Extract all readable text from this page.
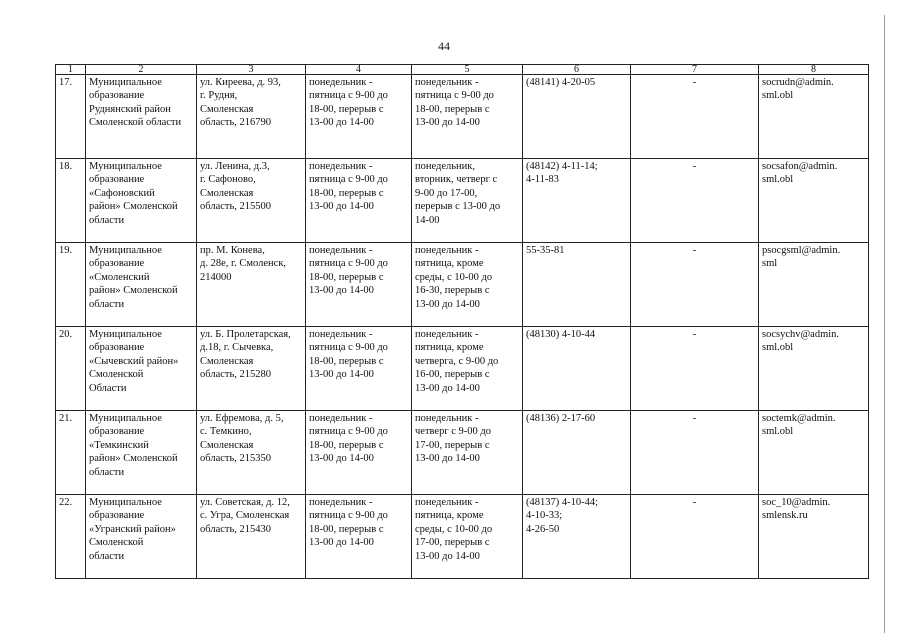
44
1	2	3	4	5	6	7	8

17.	Муниципальное
образование
Руднянский район
Смоленской области	ул. Киреева, д. 93,
г. Рудня,
Смоленская
область, 216790	понедельник -
пятница с 9-00 до
18-00, перерыв с
13-00 до 14-00	понедельник -
пятница с 9-00 до
18-00, перерыв с
13-00 до 14-00	(48141) 4-20-05	-	socrudn@admin.
sml.obl

18.	Муниципальное
образование
«Сафоновский
район» Смоленской
области	ул. Ленина, д.3,
г. Сафоново,
Смоленская
область, 215500	понедельник -
пятница с 9-00 до
18-00, перерыв с
13-00 до 14-00	понедельник,
вторник, четверг с
9-00 до 17-00,
перерыв с 13-00 до
14-00	(48142) 4-11-14;
4-11-83	-	socsafon@admin.
sml.obl

19.	Муниципальное
образование
«Смоленский
район» Смоленской
области	пр. М. Конева,
д. 28е, г. Смоленск,
214000	понедельник -
пятница с 9-00 до
18-00, перерыв с
13-00 до 14-00	понедельник -
пятница, кроме
среды, с 10-00 до
16-30, перерыв с
13-00 до 14-00	55-35-81	-	psocgsml@admin.
sml

20.	Муниципальное
образование
«Сычевский район»
Смоленской
Области	ул. Б. Пролетарская,
д.18, г. Сычевка,
Смоленская
область, 215280	понедельник -
пятница с 9-00 до
18-00, перерыв с
13-00 до 14-00	понедельник -
пятница, кроме
четверга, с 9-00 до
16-00, перерыв с
13-00 до 14-00	(48130) 4-10-44	-	socsychv@admin.
sml.obl

21.	Муниципальное
образование
«Темкинский
район» Смоленской
области	ул. Ефремова, д. 5,
с. Темкино,
Смоленская
область, 215350	понедельник -
пятница с 9-00 до
18-00, перерыв с
13-00 до 14-00	понедельник -
четверг с 9-00 до
17-00, перерыв с
13-00 до 14-00	(48136) 2-17-60	-	soctemk@admin.
sml.obl

22.	Муниципальное
образование
«Угранский район»
Смоленской
области	ул. Советская, д. 12,
с. Угра, Смоленская
область, 215430	понедельник -
пятница с 9-00 до
18-00, перерыв с
13-00 до 14-00	понедельник -
пятница, кроме
среды, с 10-00 до
17-00, перерыв с
13-00 до 14-00	(48137) 4-10-44;
4-10-33;
4-26-50	-	soc_10@admin.
smlensk.ru
